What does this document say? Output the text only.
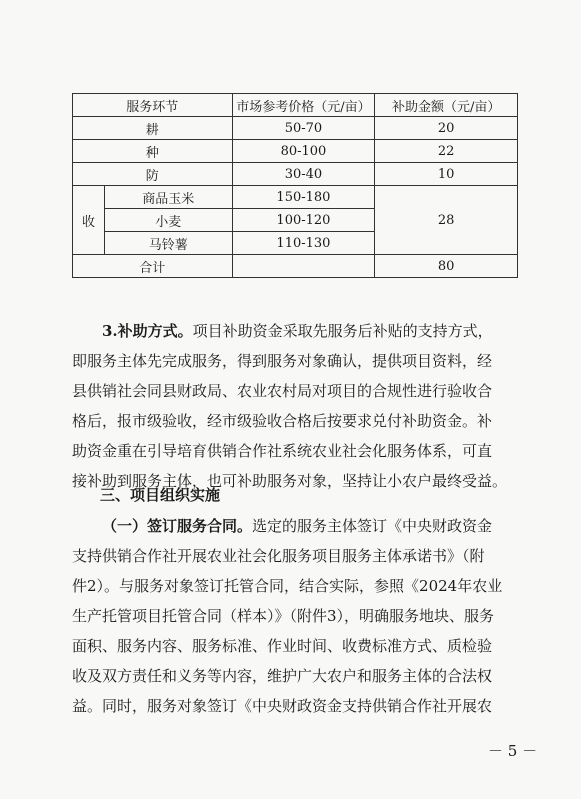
服务环节		市场参考价格（元/亩）	补助金额（元/亩）
耕		50-70	20
种		80-100	22
防		30-40	10
收	商品玉米	150-180	28
	小麦	100-120	
	马铃薯	110-130	
合计			80
3.补助方式。项目补助资金采取先服务后补贴的支持方式，
即服务主体先完成服务，得到服务对象确认，提供项目资料，经
县供销社会同县财政局、农业农村局对项目的合规性进行验收合
格后，报市级验收，经市级验收合格后按要求兑付补助资金。补
助资金重在引导培育供销合作社系统农业社会化服务体系，可直
接补助到服务主体，也可补助服务对象，坚持让小农户最终受益。
三、项目组织实施
（一）签订服务合同。选定的服务主体签订《中央财政资金
支持供销合作社开展农业社会化服务项目服务主体承诺书》（附
件2）。与服务对象签订托管合同，结合实际，参照《2024年农业
生产托管项目托管合同（样本）》（附件3），明确服务地块、服务
面积、服务内容、服务标准、作业时间、收费标准方式、质检验
收及双方责任和义务等内容，维护广大农户和服务主体的合法权
益。同时，服务对象签订《中央财政资金支持供销合作社开展农
－ 5 －
